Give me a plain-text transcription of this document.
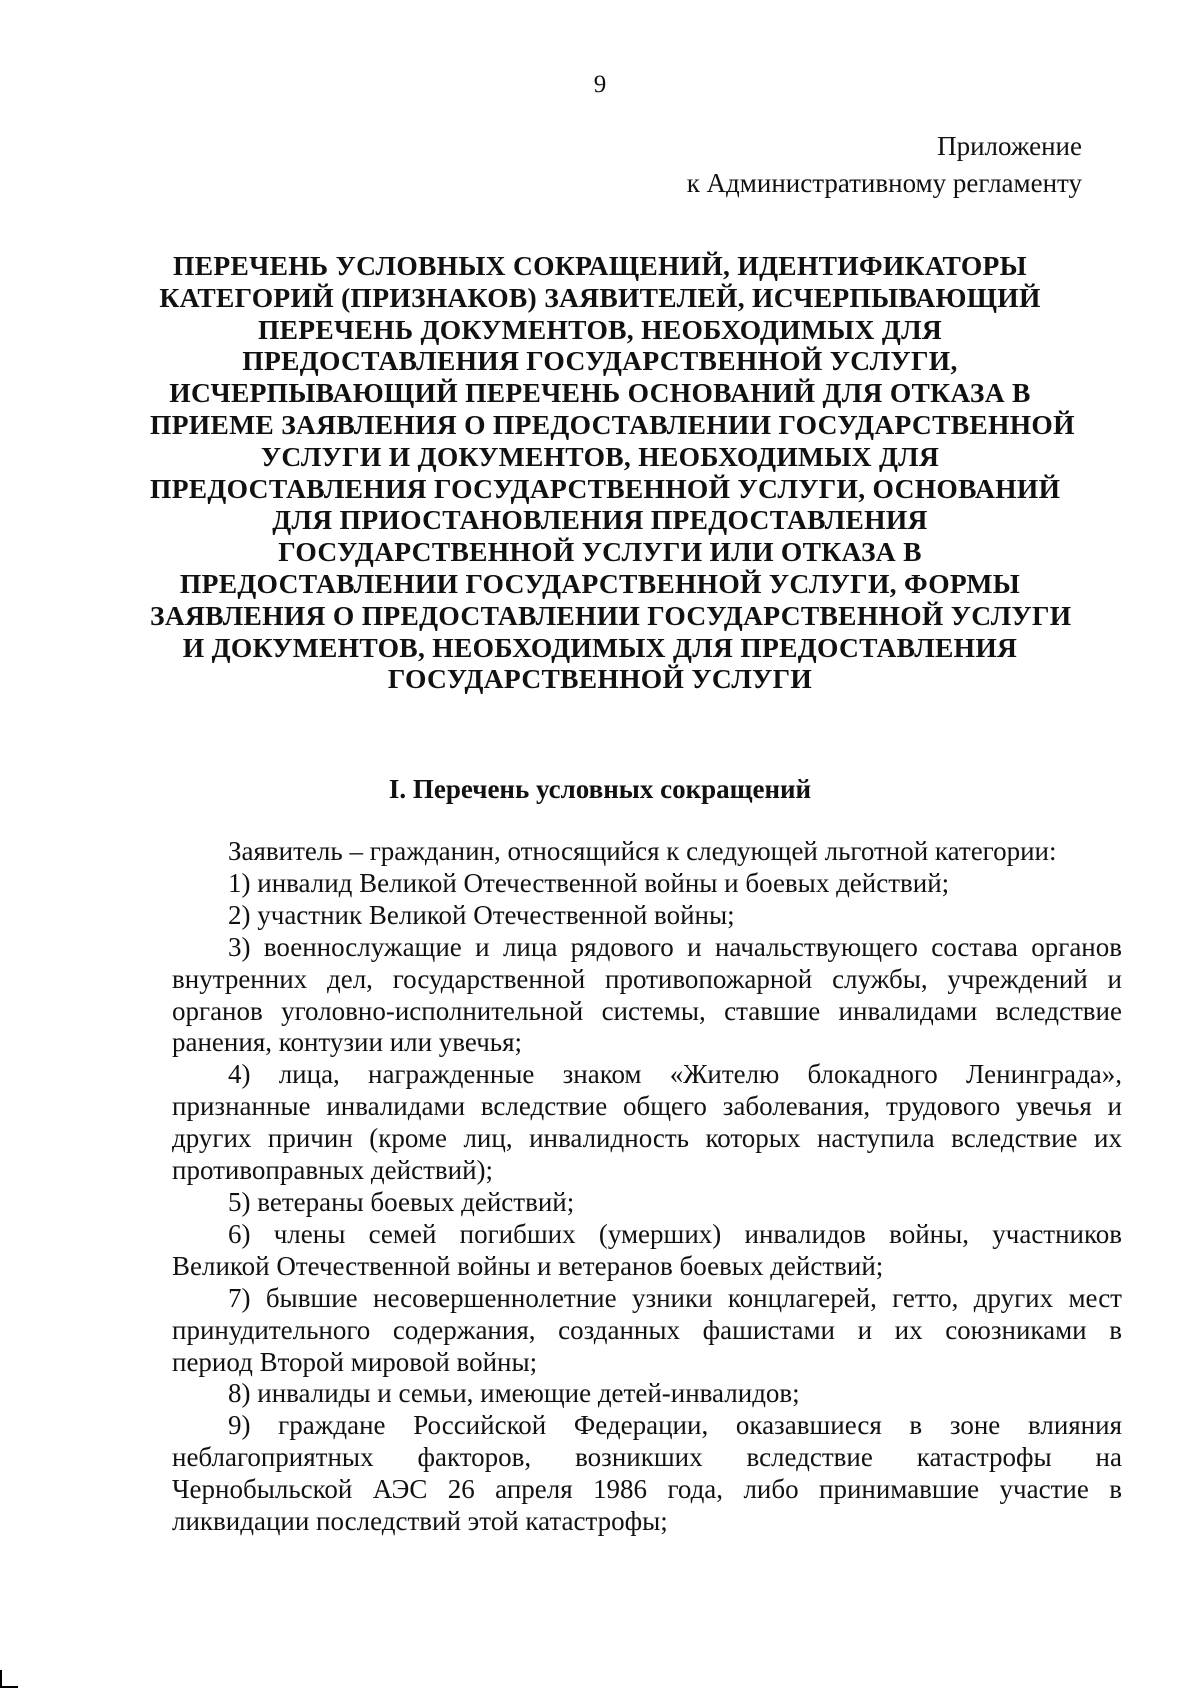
9
Приложение
к Административному регламенту
ПЕРЕЧЕНЬ УСЛОВНЫХ СОКРАЩЕНИЙ, ИДЕНТИФИКАТОРЫ
КАТЕГОРИЙ (ПРИЗНАКОВ) ЗАЯВИТЕЛЕЙ, ИСЧЕРПЫВАЮЩИЙ
ПЕРЕЧЕНЬ ДОКУМЕНТОВ, НЕОБХОДИМЫХ ДЛЯ
ПРЕДОСТАВЛЕНИЯ ГОСУДАРСТВЕННОЙ УСЛУГИ,
ИСЧЕРПЫВАЮЩИЙ ПЕРЕЧЕНЬ ОСНОВАНИЙ ДЛЯ ОТКАЗА В
ПРИЕМЕ ЗАЯВЛЕНИЯ О ПРЕДОСТАВЛЕНИИ ГОСУДАРСТВЕННОЙ
УСЛУГИ И ДОКУМЕНТОВ, НЕОБХОДИМЫХ ДЛЯ
ПРЕДОСТАВЛЕНИЯ ГОСУДАРСТВЕННОЙ УСЛУГИ, ОСНОВАНИЙ
ДЛЯ ПРИОСТАНОВЛЕНИЯ ПРЕДОСТАВЛЕНИЯ
ГОСУДАРСТВЕННОЙ УСЛУГИ ИЛИ ОТКАЗА В
ПРЕДОСТАВЛЕНИИ ГОСУДАРСТВЕННОЙ УСЛУГИ, ФОРМЫ
ЗАЯВЛЕНИЯ О ПРЕДОСТАВЛЕНИИ ГОСУДАРСТВЕННОЙ УСЛУГИ
И ДОКУМЕНТОВ, НЕОБХОДИМЫХ ДЛЯ ПРЕДОСТАВЛЕНИЯ
ГОСУДАРСТВЕННОЙ УСЛУГИ
I. Перечень условных сокращений
Заявитель – гражданин, относящийся к следующей льготной категории:
1) инвалид Великой Отечественной войны и боевых действий;
2) участник Великой Отечественной войны;
3) военнослужащие и лица рядового и начальствующего состава органов
внутренних дел, государственной противопожарной службы, учреждений и
органов уголовно-исполнительной системы, ставшие инвалидами вследствие
ранения, контузии или увечья;
4) лица, награжденные знаком «Жителю блокадного Ленинграда»,
признанные инвалидами вследствие общего заболевания, трудового увечья и
других причин (кроме лиц, инвалидность которых наступила вследствие их
противоправных действий);
5) ветераны боевых действий;
6) члены семей погибших (умерших) инвалидов войны, участников
Великой Отечественной войны и ветеранов боевых действий;
7) бывшие несовершеннолетние узники концлагерей, гетто, других мест
принудительного содержания, созданных фашистами и их союзниками в
период Второй мировой войны;
8) инвалиды и семьи, имеющие детей-инвалидов;
9) граждане Российской Федерации, оказавшиеся в зоне влияния
неблагоприятных факторов, возникших вследствие катастрофы на
Чернобыльской АЭС 26 апреля 1986 года, либо принимавшие участие в
ликвидации последствий этой катастрофы;
